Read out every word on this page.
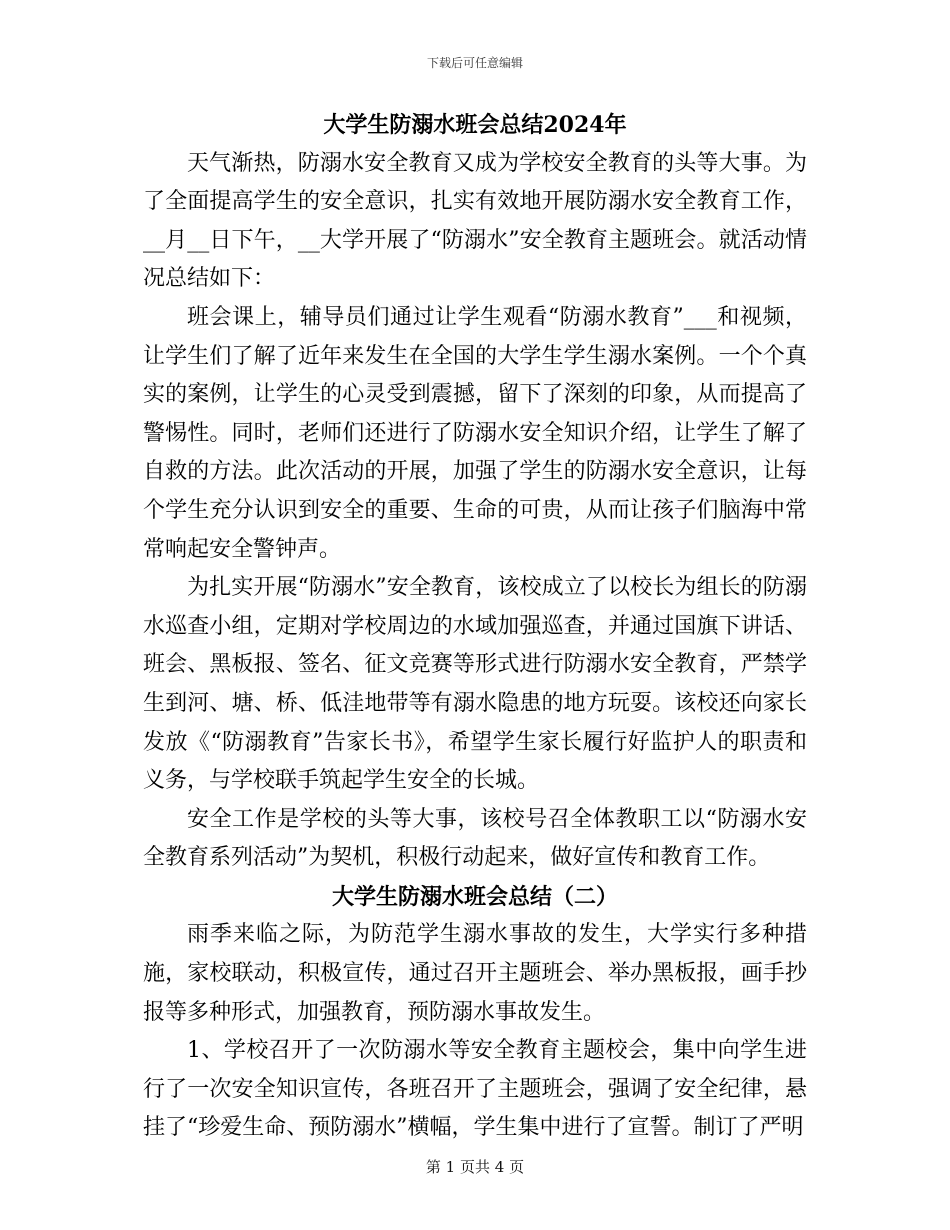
下载后可任意编辑
大学生防溺水班会总结2024年

天气渐热，防溺水安全教育又成为学校安全教育的头等大事。为了全面提高学生的安全意识，扎实有效地开展防溺水安全教育工作，__月__日下午，__大学开展了“防溺水”安全教育主题班会。就活动情况总结如下：

班会课上，辅导员们通过让学生观看“防溺水教育”___和视频，让学生们了解了近年来发生在全国的大学生学生溺水案例。一个个真实的案例，让学生的心灵受到震撼，留下了深刻的印象，从而提高了警惕性。同时，老师们还进行了防溺水安全知识介绍，让学生了解了自救的方法。此次活动的开展，加强了学生的防溺水安全意识，让每个学生充分认识到安全的重要、生命的可贵，从而让孩子们脑海中常常响起安全警钟声。

为扎实开展“防溺水”安全教育，该校成立了以校长为组长的防溺水巡查小组，定期对学校周边的水域加强巡查，并通过国旗下讲话、班会、黑板报、签名、征文竞赛等形式进行防溺水安全教育，严禁学生到河、塘、桥、低洼地带等有溺水隐患的地方玩耍。该校还向家长发放《“防溺教育”告家长书》，希望学生家长履行好监护人的职责和义务，与学校联手筑起学生安全的长城。

安全工作是学校的头等大事，该校号召全体教职工以“防溺水安全教育系列活动”为契机，积极行动起来，做好宣传和教育工作。

大学生防溺水班会总结（二）

雨季来临之际，为防范学生溺水事故的发生，大学实行多种措施，家校联动，积极宣传，通过召开主题班会、举办黑板报，画手抄报等多种形式，加强教育，预防溺水事故发生。

1、学校召开了一次防溺水等安全教育主题校会，集中向学生进行了一次安全知识宣传，各班召开了主题班会，强调了安全纪律，悬挂了“珍爱生命、预防溺水”横幅，学生集中进行了宣誓。制订了严明

第 1 页共 4 页
